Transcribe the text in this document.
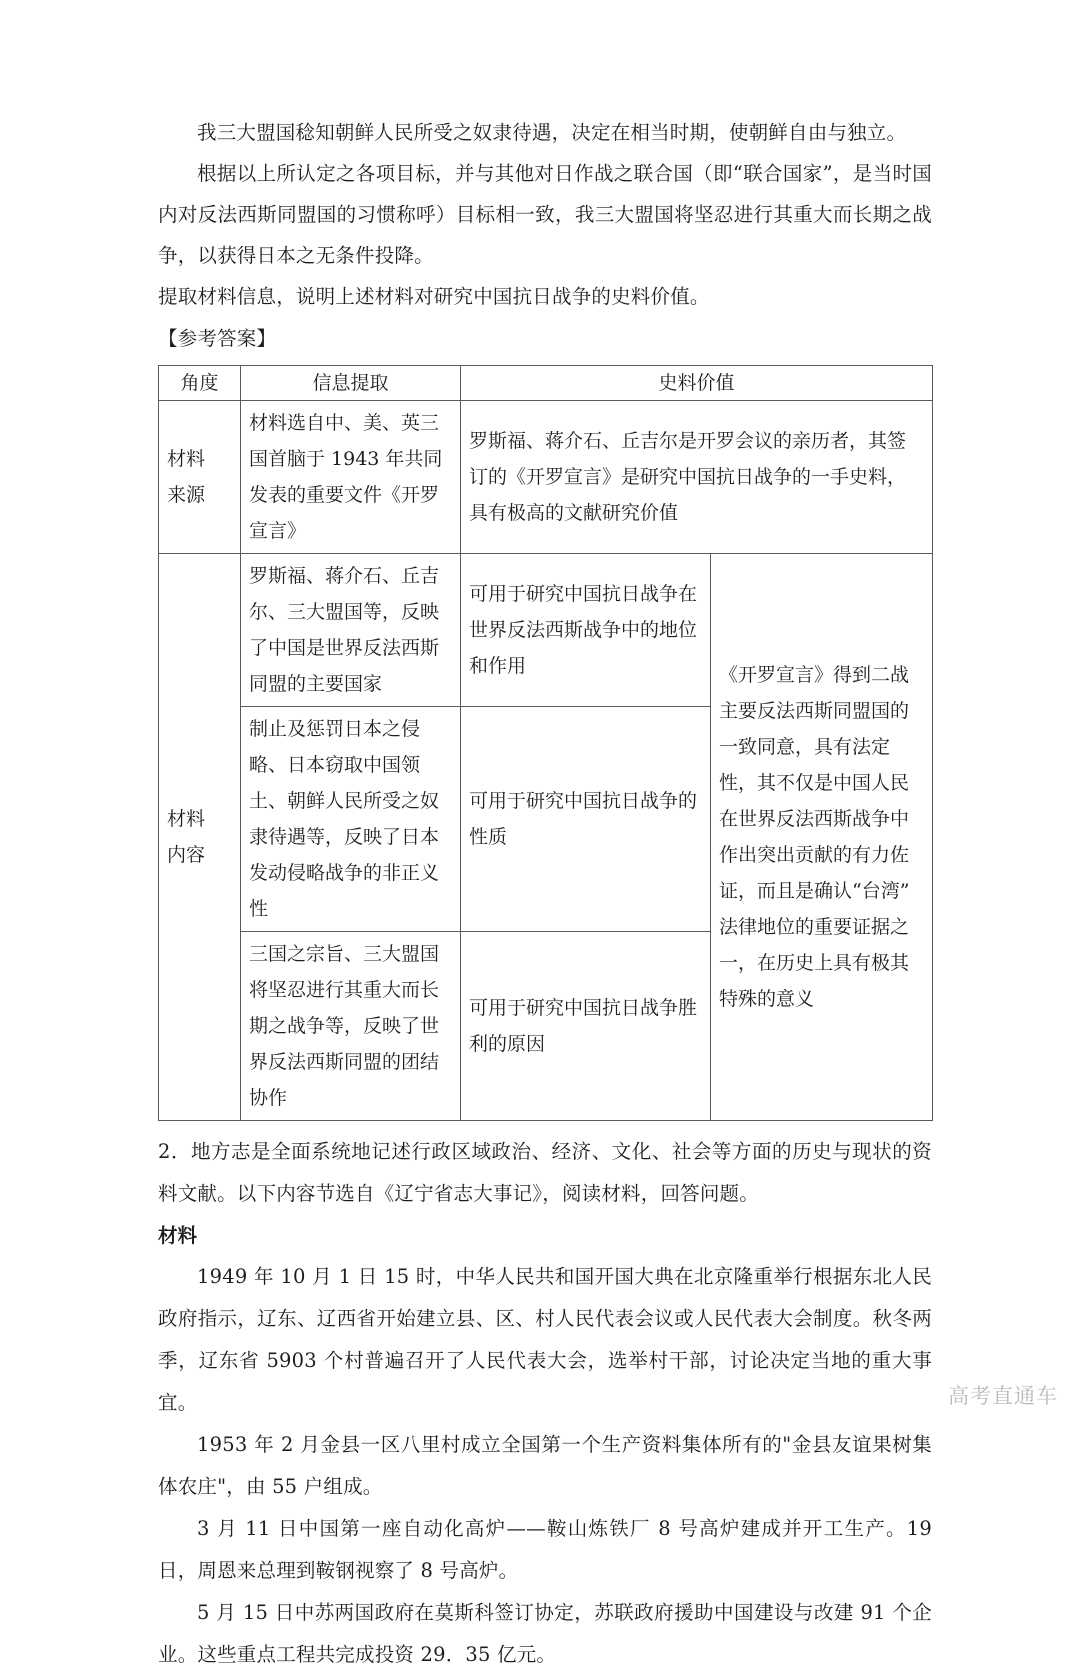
我三大盟国稔知朝鲜人民所受之奴隶待遇，决定在相当时期，使朝鲜自由与独立。

根据以上所认定之各项目标，并与其他对日作战之联合国（即“联合国家”，是当时国内对反法西斯同盟国的习惯称呼）目标相一致，我三大盟国将坚忍进行其重大而长期之战争，以获得日本之无条件投降。

提取材料信息，说明上述材料对研究中国抗日战争的史料价值。

【参考答案】

角度	信息提取	史料价值	
材料
来源	材料选自中、美、英三国首脑于 1943 年共同发表的重要文件《开罗宣言》	罗斯福、蒋介石、丘吉尔是开罗会议的亲历者，其签订的《开罗宣言》是研究中国抗日战争的一手史料，具有极高的文献研究价值	
材料
内容	罗斯福、蒋介石、丘吉尔、三大盟国等，反映了中国是世界反法西斯同盟的主要国家	可用于研究中国抗日战争在世界反法西斯战争中的地位和作用	《开罗宣言》得到二战主要反法西斯同盟国的一致同意，具有法定性，其不仅是中国人民在世界反法西斯战争中作出突出贡献的有力佐证，而且是确认“台湾”法律地位的重要证据之一，在历史上具有极其特殊的意义
	制止及惩罚日本之侵略、日本窃取中国领土、朝鲜人民所受之奴隶待遇等，反映了日本发动侵略战争的非正义性	可用于研究中国抗日战争的性质	
	三国之宗旨、三大盟国将坚忍进行其重大而长期之战争等，反映了世界反法西斯同盟的团结协作	可用于研究中国抗日战争胜利的原因	

2．地方志是全面系统地记述行政区域政治、经济、文化、社会等方面的历史与现状的资料文献。以下内容节选自《辽宁省志大事记》，阅读材料，回答问题。

材料

1949 年 10 月 1 日 15 时，中华人民共和国开国大典在北京隆重举行根据东北人民政府指示，辽东、辽西省开始建立县、区、村人民代表会议或人民代表大会制度。秋冬两季，辽东省 5903 个村普遍召开了人民代表大会，选举村干部，讨论决定当地的重大事宜。

1953 年 2 月金县一区八里村成立全国第一个生产资料集体所有的"金县友谊果树集体农庄"，由 55 户组成。

3 月 11 日中国第一座自动化高炉——鞍山炼铁厂 8 号高炉建成并开工生产。19 日，周恩来总理到鞍钢视察了 8 号高炉。

5 月 15 日中苏两国政府在莫斯科签订协定，苏联政府援助中国建设与改建 91 个企业。这些重点工程共完成投资 29．35 亿元。

高考直通车
